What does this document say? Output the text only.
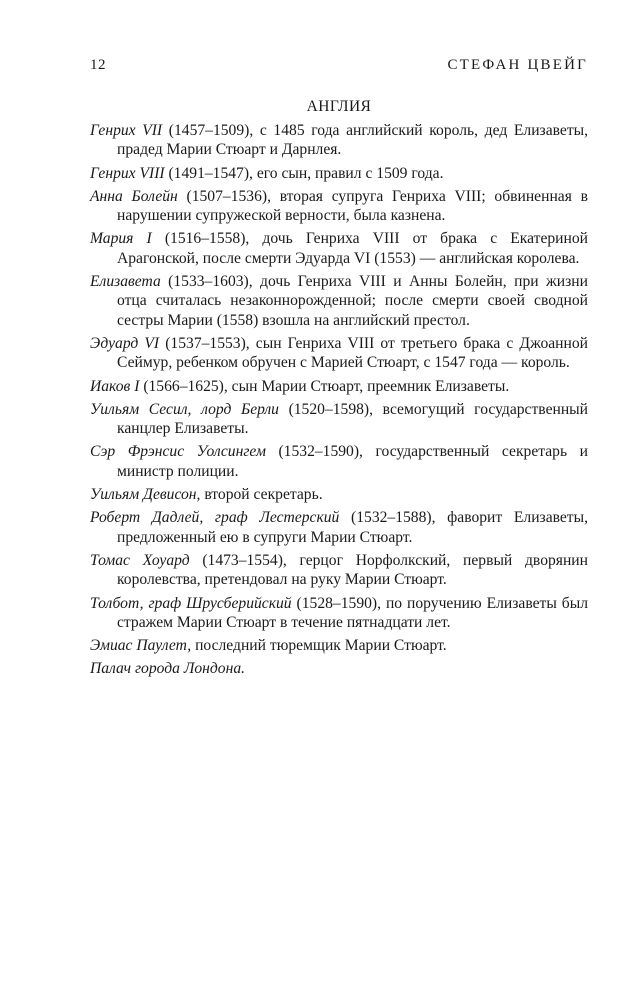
12	СТЕФАН ЦВЕЙГ
АНГЛИЯ
Генрих VII (1457–1509), с 1485 года английский король, дед Елизаветы, прадед Марии Стюарт и Дарнлея.
Генрих VIII (1491–1547), его сын, правил с 1509 года.
Анна Болейн (1507–1536), вторая супруга Генриха VIII; обвиненная в нарушении супружеской верности, была казнена.
Мария I (1516–1558), дочь Генриха VIII от брака с Екатериной Арагонской, после смерти Эдуарда VI (1553) — английская королева.
Елизавета (1533–1603), дочь Генриха VIII и Анны Болейн, при жизни отца считалась незаконнорожденной; после смерти своей сводной сестры Марии (1558) взошла на английский престол.
Эдуард VI (1537–1553), сын Генриха VIII от третьего брака с Джоанной Сеймур, ребенком обручен с Марией Стюарт, с 1547 года — король.
Иаков I (1566–1625), сын Марии Стюарт, преемник Елизаветы.
Уильям Сесил, лорд Берли (1520–1598), всемогущий государственный канцлер Елизаветы.
Сэр Фрэнсис Уолсингем (1532–1590), государственный секретарь и министр полиции.
Уильям Девисон, второй секретарь.
Роберт Дадлей, граф Лестерский (1532–1588), фаворит Елизаветы, предложенный ею в супруги Марии Стюарт.
Томас Хоуард (1473–1554), герцог Норфолкский, первый дворянин королевства, претендовал на руку Марии Стюарт.
Толбот, граф Шрусберийский (1528–1590), по поручению Елизаветы был стражем Марии Стюарт в течение пятнадцати лет.
Эмиас Паулет, последний тюремщик Марии Стюарт.
Палач города Лондона.
